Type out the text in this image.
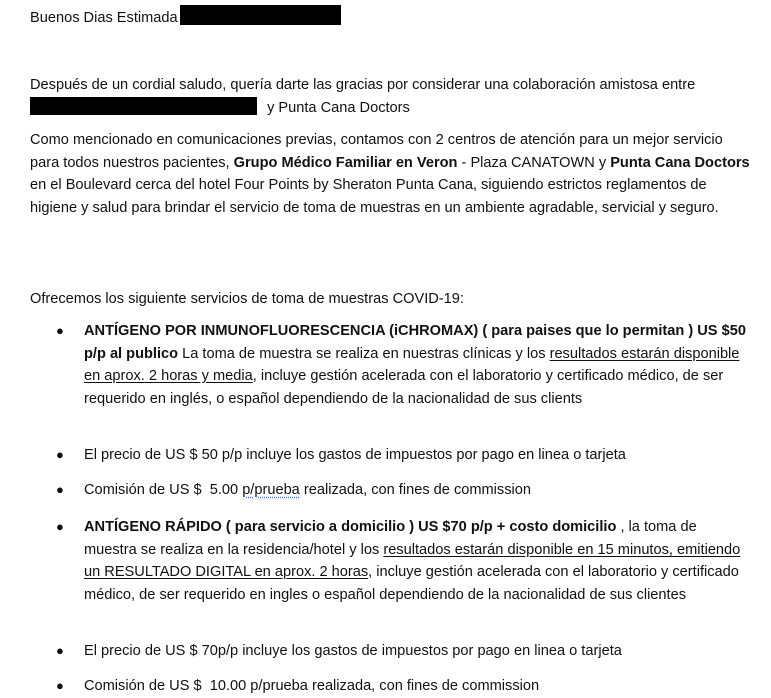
Buenos Dias Estimada

Después de un cordial saludo, quería darte las gracias por considerar una colaboración amistosa entre
y Punta Cana Doctors

Como mencionado en comunicaciones previas, contamos con 2 centros de atención para un mejor servicio para todos nuestros pacientes, Grupo Médico Familiar en Veron - Plaza CANATOWN y Punta Cana Doctors en el Boulevard cerca del hotel Four Points by Sheraton Punta Cana, siguiendo estrictos reglamentos de higiene y salud para brindar el servicio de toma de muestras en un ambiente agradable, servicial y seguro.

Ofrecemos los siguiente servicios de toma de muestras COVID-19:

● ANTÍGENO POR INMUNOFLUORESCENCIA (iCHROMAX) ( para paises que lo permitan ) US $50 p/p al publico La toma de muestra se realiza en nuestras clínicas y los resultados estarán disponible en aprox. 2 horas y media, incluye gestión acelerada con el laboratorio y certificado médico, de ser requerido en inglés, o español dependiendo de la nacionalidad de sus clients
● El precio de US $ 50 p/p incluye los gastos de impuestos por pago en linea o tarjeta
● Comisión de US $  5.00 p/prueba realizada, con fines de commission
● ANTÍGENO RÁPIDO ( para servicio a domicilio ) US $70 p/p + costo domicilio , la toma de muestra se realiza en la residencia/hotel y los resultados estarán disponible en 15 minutos, emitiendo un RESULTADO DIGITAL en aprox. 2 horas, incluye gestión acelerada con el laboratorio y certificado médico, de ser requerido en ingles o español dependiendo de la nacionalidad de sus clientes
● El precio de US $ 70p/p incluye los gastos de impuestos por pago en linea o tarjeta
● Comisión de US $  10.00 p/prueba realizada, con fines de commission
